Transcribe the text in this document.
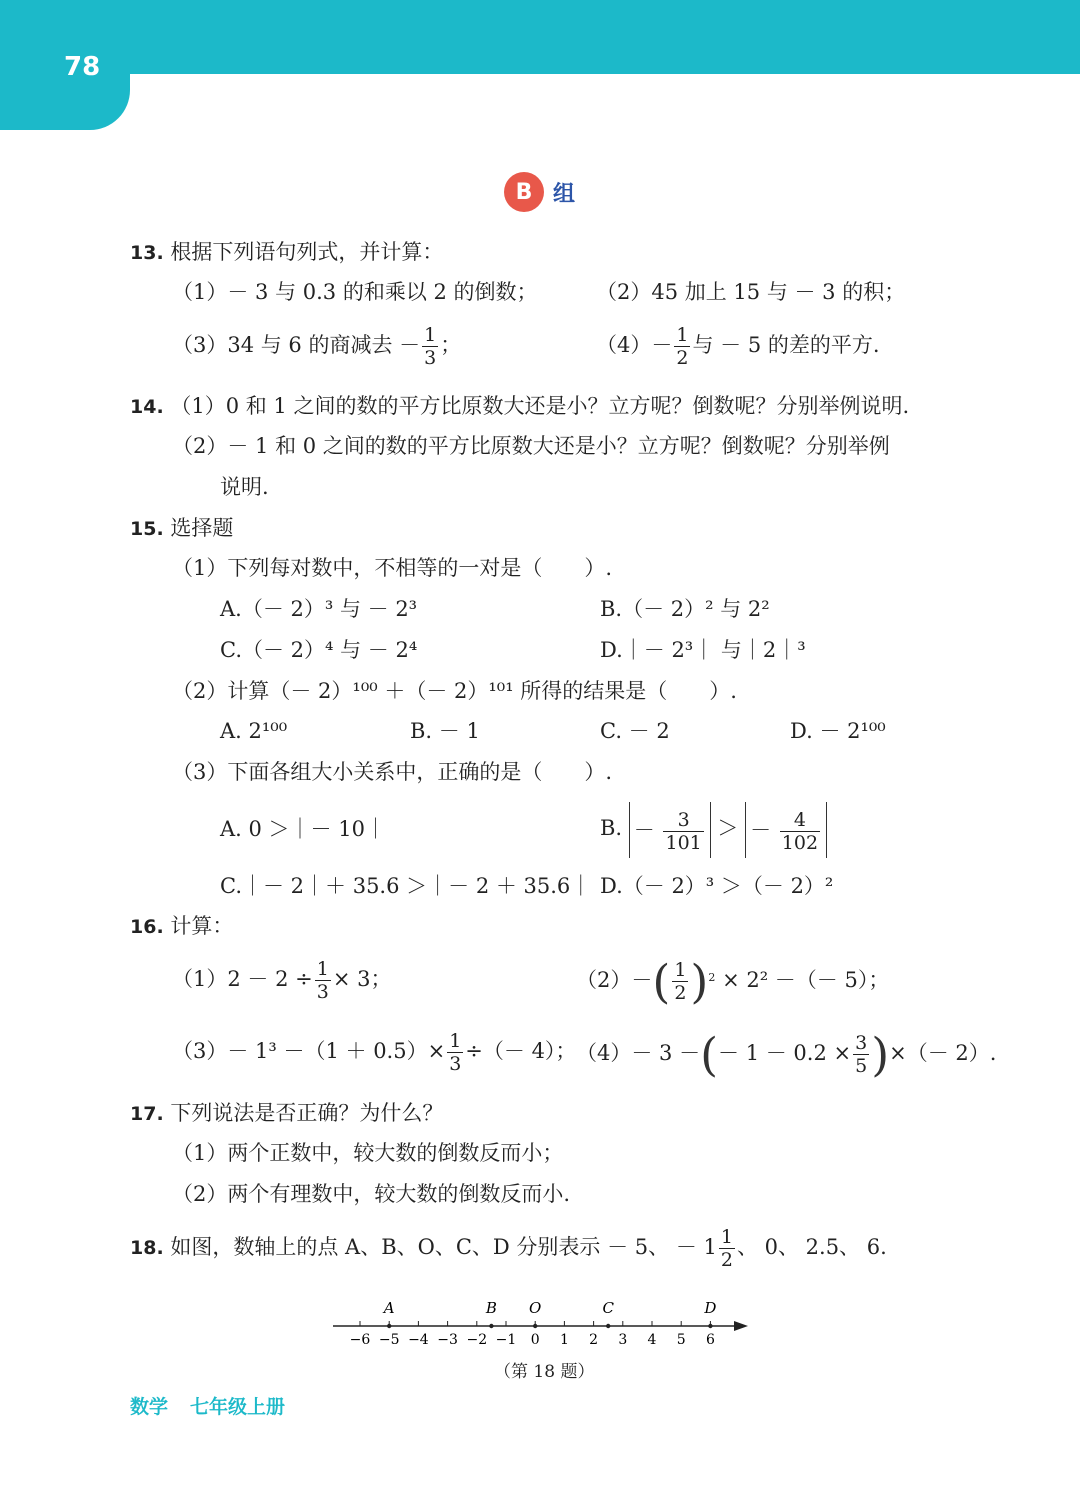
78
B 组
13. 根据下列语句列式，并计算：
（1）－ 3 与 0.3 的和乘以 2 的倒数；	（2）45 加上 15 与 － 3 的积；
（3）34 与 6 的商减去 － $\frac{1}{3}$ ；	$(4)- \frac{1}{2}$ 与 － 5 的差的平方.
14. （1）0 和 1 之间的数的平方比原数大还是小？立方呢？倒数呢？分别举例说明.
（2）－ 1 和 0 之间的数的平方比原数大还是小？立方呢？倒数呢？分别举例
说明.
15. 选择题
（1）下列每对数中，不相等的一对是（　　）.
A.（－ 2）³ 与 － 2³	B.（－ 2）² 与 2²
C.（－ 2）⁴ 与 － 2⁴	D.｜－ 2³｜ 与｜2｜³
（2）计算（－ 2）¹⁰⁰ ＋（－ 2）¹⁰¹ 所得的结果是（　　）.
A. 2¹⁰⁰	B. － 1	C. － 2	D. － 2¹⁰⁰
（3）下面各组大小关系中，正确的是（　　）.
A. 0 ＞｜－ 10｜	B. － $\frac{3}{101}$ ＞ － $\frac{4}{102}$
C.｜－ 2｜＋ 35.6 ＞｜－ 2 ＋ 35.6｜ D.（－ 2）³ ＞（－ 2）²
16. 计算：
$(1)2 - 2 \div \frac{1}{3} \times 3$；	$(2)-( \frac{1}{2} )^2 \times 2^2$ －（－ 5）；
$(3)- 1^3 -(1 + 0.5)\times \frac{1}{3}$ ÷（－ 4）； （4）－ 3 －(－ $1 - 0.2 \times \frac{3}{5}$ )×（－ 2）.
17. 下列说法是否正确？为什么？
（1）两个正数中，较大数的倒数反而小；
（2）两个有理数中，较大数的倒数反而小.
18. 如图，数轴上的点 A、B、O、C、D 分别表示 － 5、 － $1 \frac{1}{2}$ 、 0、 2.5、 6.
−6 −5 −4 −3 −2 −1 0 1 2 3 4 5 6
A	B O	C	D
（第 18 题）
数学 七年级上册
